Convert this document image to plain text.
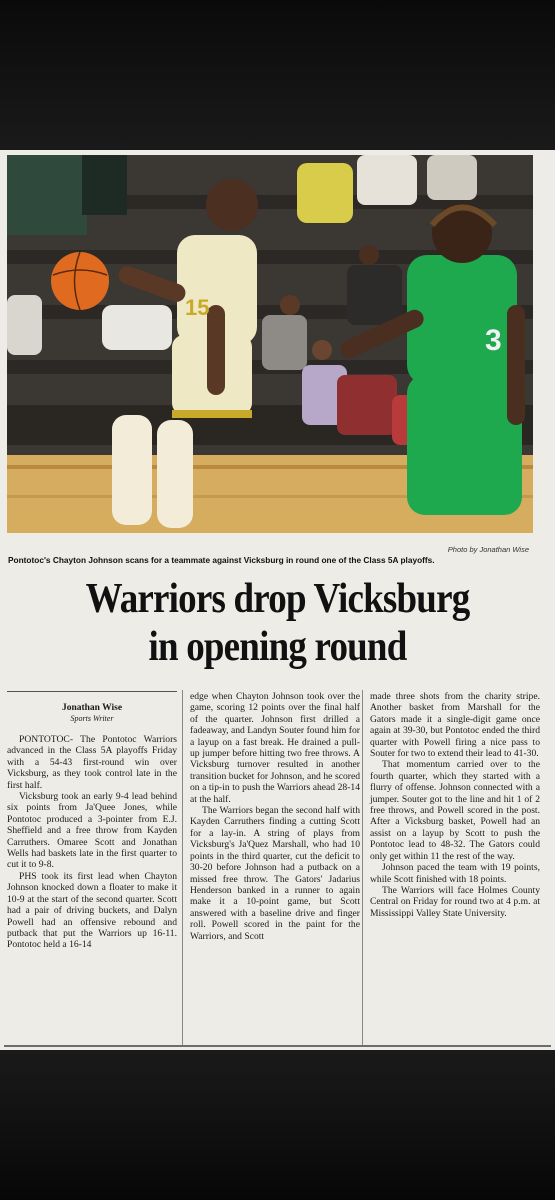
15
3
Photo by Jonathan Wise
Pontotoc's Chayton Johnson scans for a teammate against Vicksburg in round one of the Class 5A playoffs.
Warriors drop Vicksburg
in opening round
Jonathan Wise
Sports Writer

PONTOTOC- The Pontotoc Warriors advanced in the Class 5A playoffs Friday with a 54-43 first-round win over Vicksburg, as they took control late in the first half.

Vicksburg took an early 9-4 lead behind six points from Ja'Quee Jones, while Pontotoc produced a 3-pointer from E.J. Sheffield and a free throw from Kayden Carruthers. Omaree Scott and Jonathan Wells had baskets late in the first quarter to cut it to 9-8.

PHS took its first lead when Chayton Johnson knocked down a floater to make it 10-9 at the start of the second quarter. Scott had a pair of driving buckets, and Dalyn Powell had an offensive rebound and putback that put the Warriors up 16-11. Pontotoc held a 16-14

edge when Chayton Johnson took over the game, scoring 12 points over the final half of the quarter. Johnson first drilled a fadeaway, and Landyn Souter found him for a layup on a fast break. He drained a pull-up jumper before hitting two free throws. A Vicksburg turnover resulted in another transition bucket for Johnson, and he scored on a tip-in to push the Warriors ahead 28-14 at the half.

The Warriors began the second half with Kayden Carruthers finding a cutting Scott for a lay-in. A string of plays from Vicksburg's Ja'Quez Marshall, who had 10 points in the third quarter, cut the deficit to 30-20 before Johnson had a putback on a missed free throw. The Gators' Jadarius Henderson banked in a runner to again make it a 10-point game, but Scott answered with a baseline drive and finger roll. Powell scored in the paint for the Warriors, and Scott

made three shots from the charity stripe. Another basket from Marshall for the Gators made it a single-digit game once again at 39-30, but Pontotoc ended the third quarter with Powell firing a nice pass to Souter for two to extend their lead to 41-30.

That momentum carried over to the fourth quarter, which they started with a flurry of offense. Johnson connected with a jumper. Souter got to the line and hit 1 of 2 free throws, and Powell scored in the post. After a Vicksburg basket, Powell had an assist on a layup by Scott to push the Pontotoc lead to 48-32. The Gators could only get within 11 the rest of the way.

Johnson paced the team with 19 points, while Scott finished with 18 points.

The Warriors will face Holmes County Central on Friday for round two at 4 p.m. at Mississippi Valley State University.
